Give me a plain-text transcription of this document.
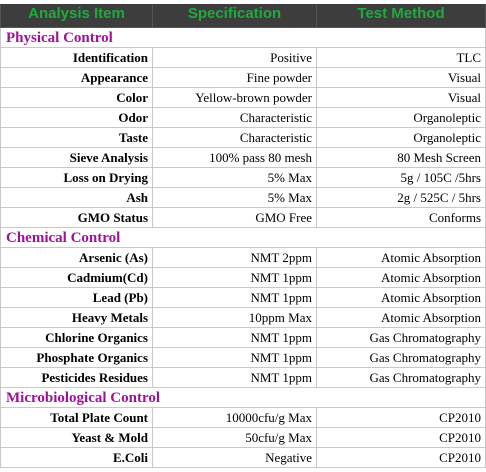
Analysis Item	Specification	Test Method
Physical Control
Identification	Positive	TLC
Appearance	Fine powder	Visual
Color	Yellow-brown powder	Visual
Odor	Characteristic	Organoleptic
Taste	Characteristic	Organoleptic
Sieve Analysis	100% pass 80 mesh	80 Mesh Screen
Loss on Drying	5% Max	5g / 105C /5hrs
Ash	5% Max	2g / 525C / 5hrs
GMO Status	GMO Free	Conforms
Chemical Control
Arsenic (As)	NMT 2ppm	Atomic Absorption
Cadmium(Cd)	NMT 1ppm	Atomic Absorption
Lead (Pb)	NMT 1ppm	Atomic Absorption
Heavy Metals	10ppm Max	Atomic Absorption
Chlorine Organics	NMT 1ppm	Gas Chromatography
Phosphate Organics	NMT 1ppm	Gas Chromatography
Pesticides Residues	NMT 1ppm	Gas Chromatography
Microbiological Control
Total Plate Count	10000cfu/g Max	CP2010
Yeast & Mold	50cfu/g Max	CP2010
E.Coli	Negative	CP2010
